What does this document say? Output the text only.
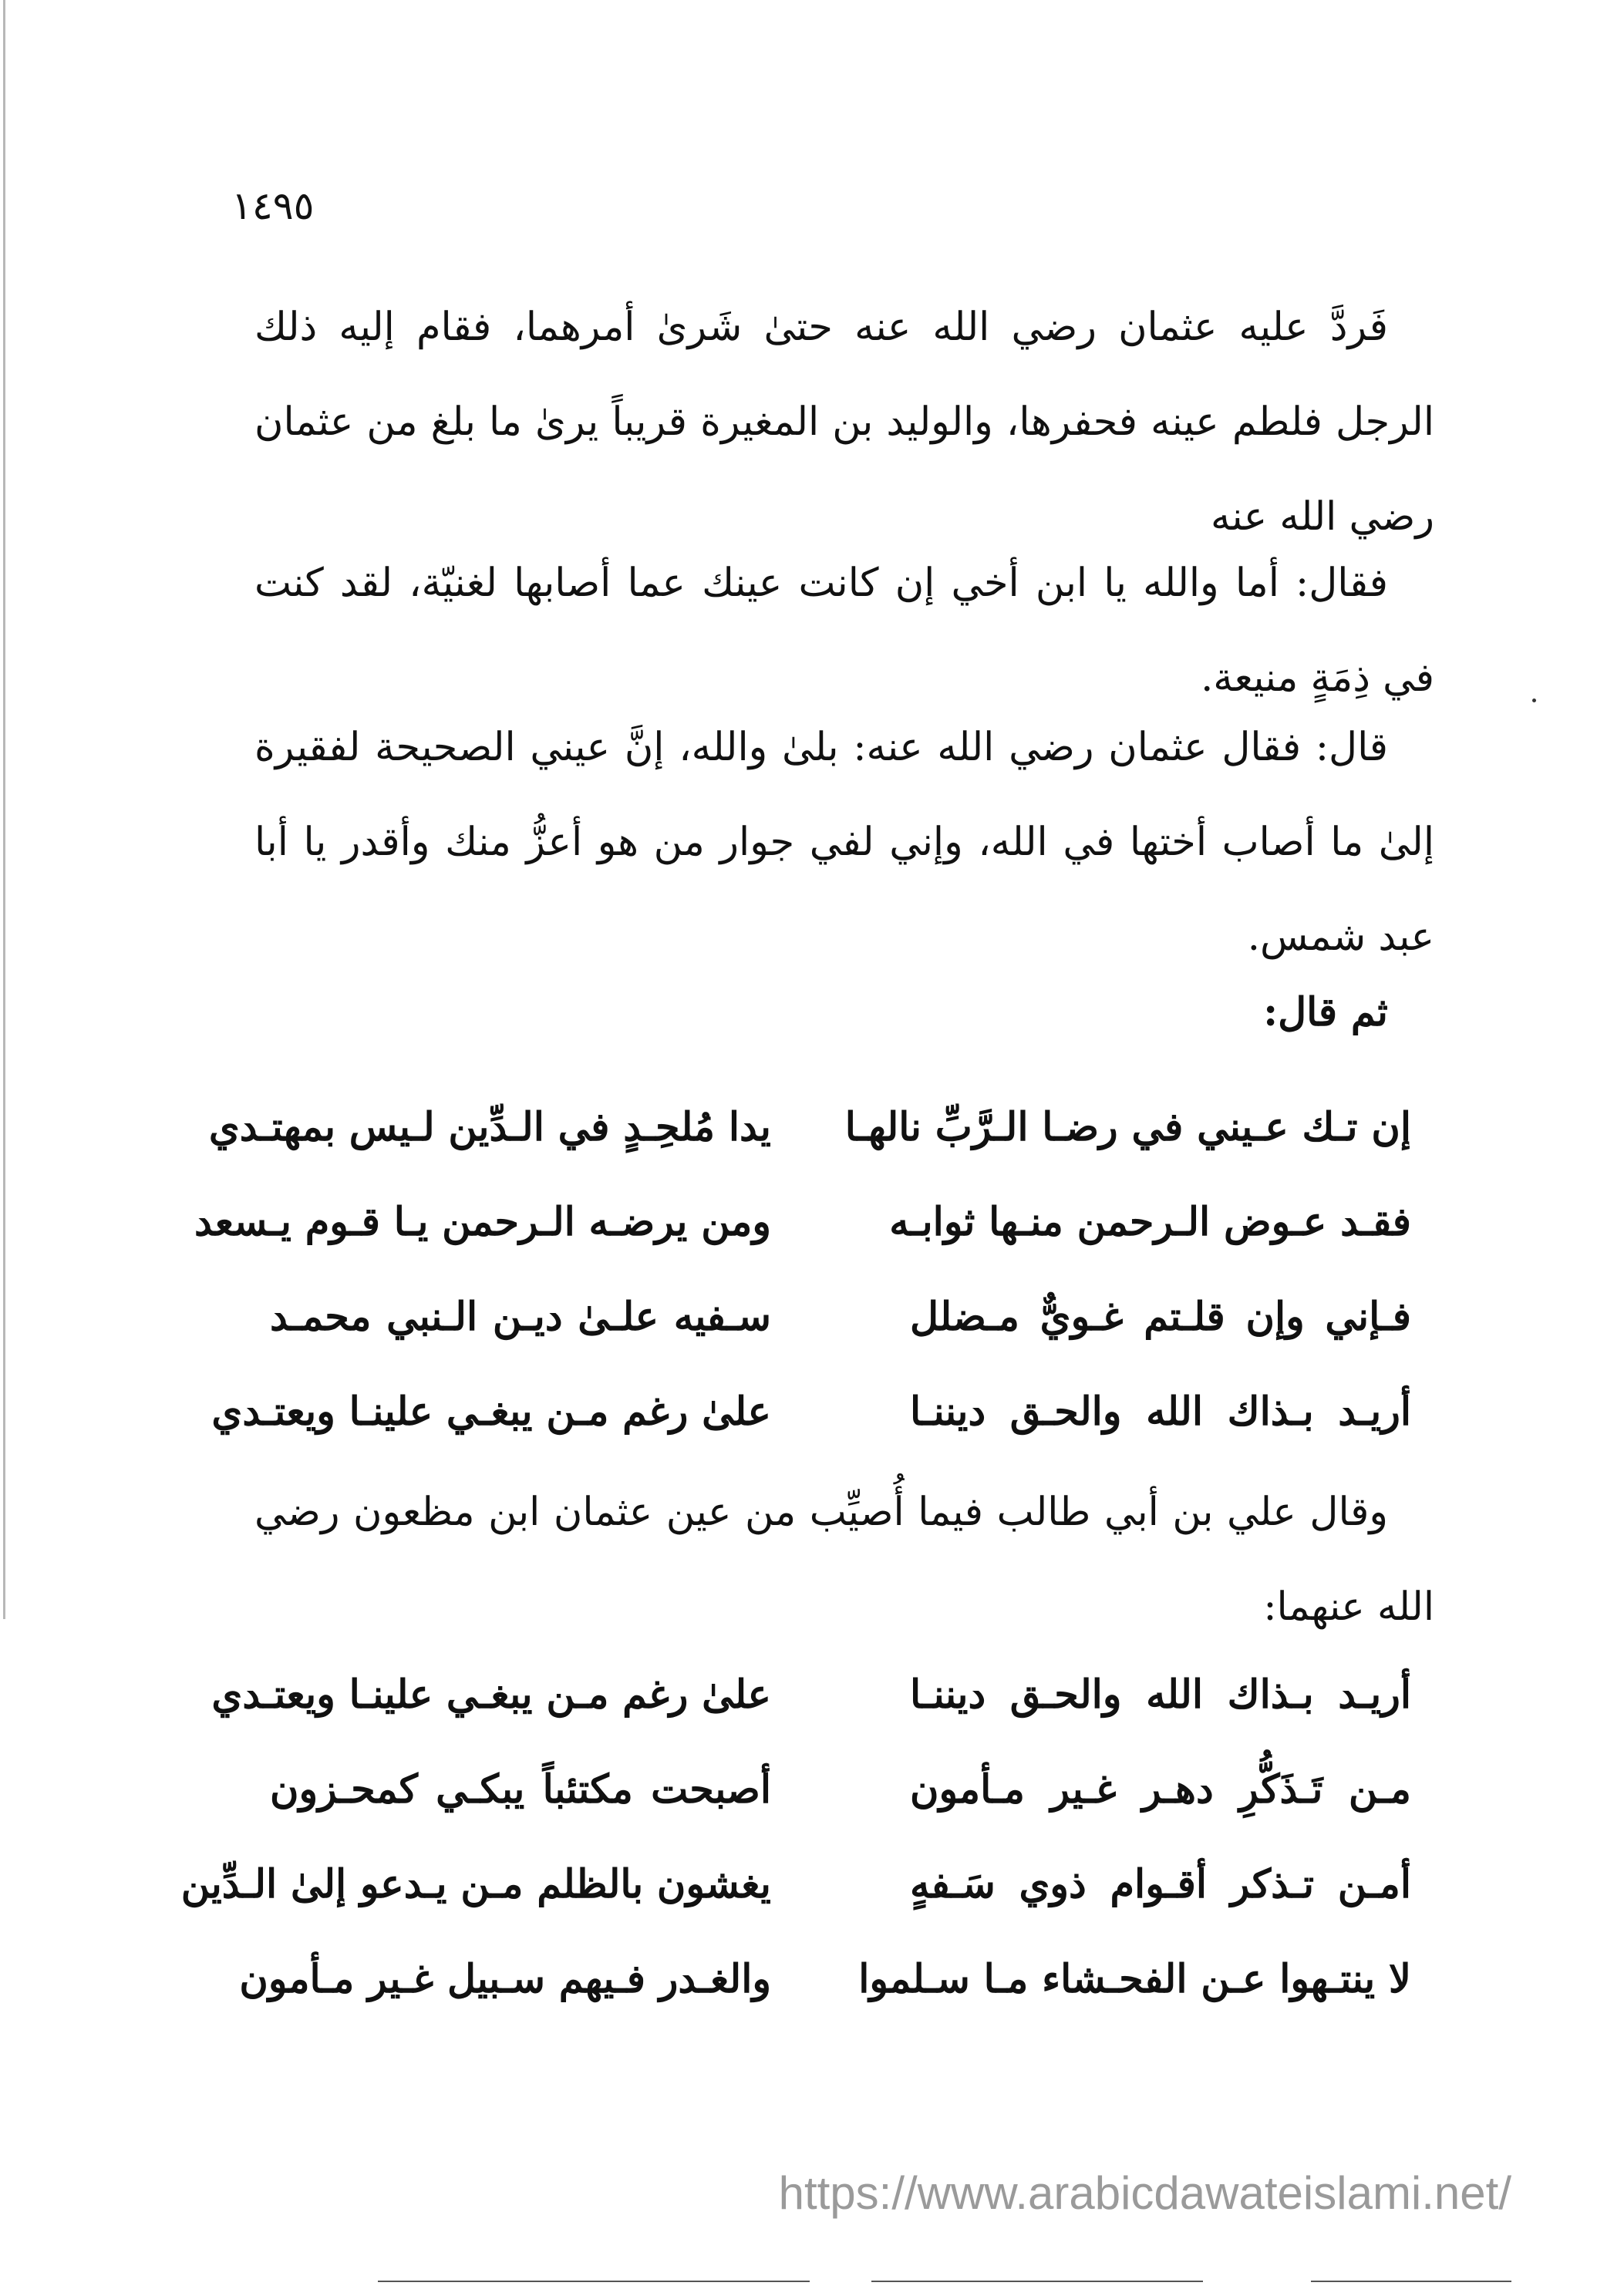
١٤٩٥

فَردَّ عليه عثمان رضي الله عنه حتىٰ شَرىٰ أمرهما، فقام إليه ذلك الرجل فلطم عينه فحفرها، والوليد بن المغيرة قريباً يرىٰ ما بلغ من عثمان رضي الله عنه

فقال: أما والله يا ابن أخي إن كانت عينك عما أصابها لغنيّة، لقد كنت في ذِمَةٍ منيعة.

قال: فقال عثمان رضي الله عنه: بلىٰ والله، إنَّ عيني الصحيحة لفقيرة إلىٰ ما أصاب أختها في الله، وإني لفي جوار من هو أعزُّ منك وأقدر يا أبا عبد شمس.

ثم قال:

إن تـك عـيني في رضـا الـرَّبِّ نالهـا
يدا مُلحِـدٍ في الـدِّين لـيس بمهتـدي
فقـد عـوض الـرحمن منـها ثوابـه
ومن يرضـه الـرحمن يـا قـوم يـسعد
فـإني وإن قلـتم غـويٌّ مـضلل
سـفيه علـىٰ ديـن الـنبي محمـد
أريـد بـذاك الله والحـق ديننـا
علىٰ رغم مـن يبغـي علينـا ويعتـدي

وقال علي بن أبي طالب فيما أُصيِّب من عين عثمان ابن مظعون رضي الله عنهما:

أريـد بـذاك الله والحـق ديننـا
علىٰ رغم مـن يبغـي علينـا ويعتـدي
مـن تَـذَكُّرِ دهـر غـير مـأمون
أصبحت مكتئباً يبكـي كمحـزون
أمـن تـذكر أقـوام ذوي سَـفهٍ
يغشون بالظلم مـن يـدعو إلىٰ الـدِّين
لا ينتـهوا عـن الفحـشاء مـا سـلموا
والغـدر فـيهم سـبيل غـير مـأمون
https://www.arabicdawateislami.net/
